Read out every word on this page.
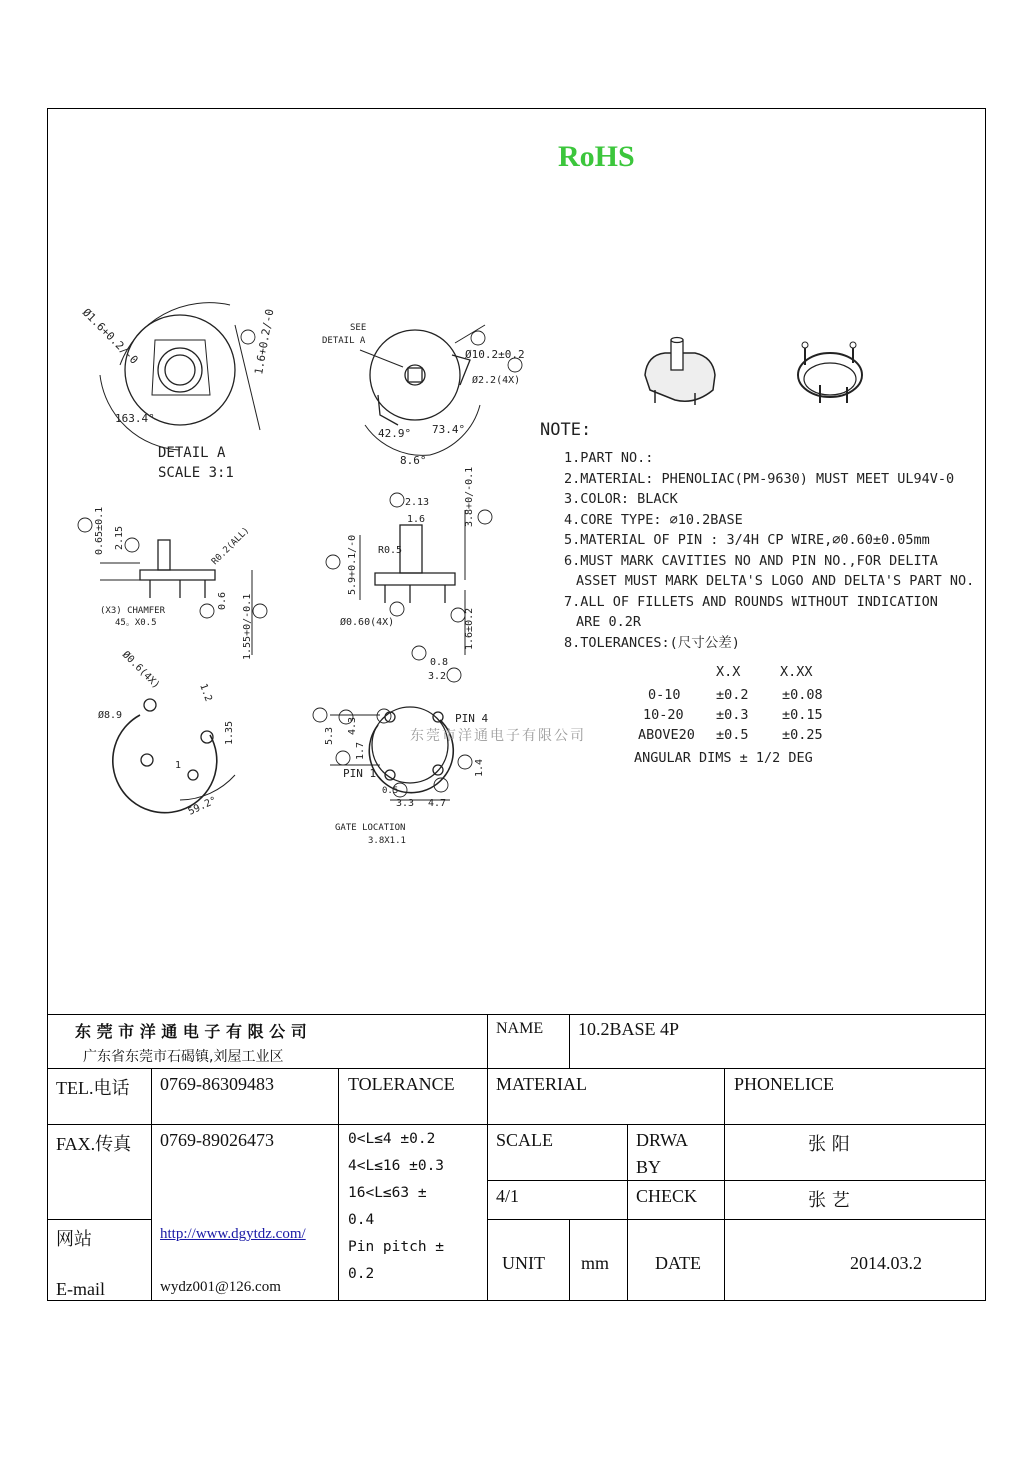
RoHS
Ø1.6+0.2/-0	1.6+0.2/-0
163.4°
DETAIL A
SCALE 3:1
SEE
DETAIL A
Ø10.2±0.2
Ø2.2(4X)
42.9° 73.4°
8.6°
0.65±0.1 2.15	R0.2(ALL)
(X3) CHAMFER
45。X0.5
0.6 1.55+0/-0.1
2.13
1.6	3.8+0/-0.1
5.9+0.1/-0 R0.5
Ø0.60(4X)	1.6±0.2
0.8
3.2
5.3
4.3
1.7
PIN 4
PIN 1	1.4
0.5
3.3 4.7
GATE LOCATION
3.8X1.1
Ø0.6(4X)
Ø8.9
1.2
1.35
1
59.2°
NOTE:
1.PART NO.:
2.MATERIAL: PHENOLIAC(PM-9630) MUST MEET UL94V-0
3.COLOR: BLACK
4.CORE TYPE: ⌀10.2BASE
5.MATERIAL OF PIN : 3/4H CP WIRE,⌀0.60±0.05mm
6.MUST MARK CAVITIES NO AND PIN NO.,FOR DELITA
ASSET MUST MARK DELTA'S LOGO AND DELTA'S PART NO.
7.ALL OF FILLETS AND ROUNDS WITHOUT INDICATION
ARE 0.2R
8.TOLERANCES:(尺寸公差)
X.X	X.XX
0-10	±0.2 ±0.08
10-20 ±0.3 ±0.15
ABOVE20 ±0.5 ±0.25
ANGULAR DIMS ± 1/2 DEG
东莞市洋通电子有限公司
东 莞 市 洋 通 电 子 有 限 公 司
广东省东莞市石碣镇,刘屋工业区
NAME 10.2BASE 4P
TEL.电话 0769-86309483	TOLERANCE MATERIAL	PHONELICE
FAX.传真 0769-89026473	0<L≤4 ±0.2
4<L≤16 ±0.3
16<L≤63 ±
0.4
Pin pitch ±
0.2
SCALE	DRWA
BY
张 阳
4/1	CHECK	张 艺
网站	http://www.dgytdz.com/
E-mail	wydz001@126.com
UNIT mm	DATE	2014.03.2
